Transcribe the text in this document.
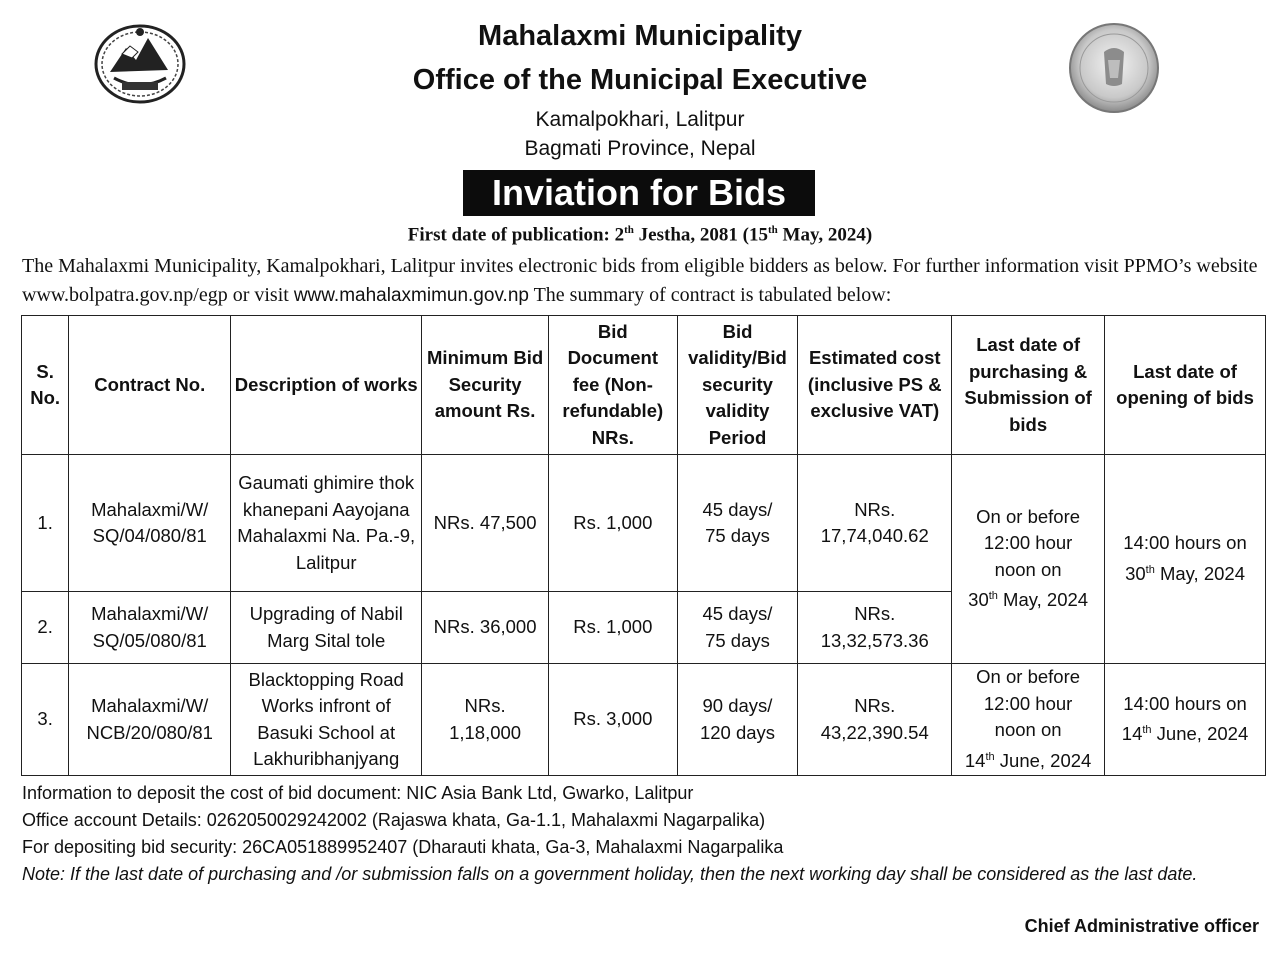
Mahalaxmi Municipality
Office of the Municipal Executive
Kamalpokhari, Lalitpur
Bagmati Province, Nepal
Inviation for Bids
First date of publication: 2th Jestha, 2081 (15th May, 2024)
The Mahalaxmi Municipality, Kamalpokhari, Lalitpur invites electronic bids from eligible bidders as below. For further information visit PPMO’s website www.bolpatra.gov.np/egp or visit www.mahalaxmimun.gov.np The summary of contract is tabulated below:
S. No.	Contract No.	Description of works	Minimum Bid Security amount Rs.	Bid Document fee (Non-refundable) NRs.	Bid validity/Bid security validity Period	Estimated cost (inclusive PS & exclusive VAT)	Last date of purchasing & Submission of bids	Last date of opening of bids
1.	Mahalaxmi/W/
SQ/04/080/81	Gaumati ghimire thok khanepani Aayojana Mahalaxmi Na. Pa.-9, Lalitpur	NRs. 47,500	Rs. 1,000	45 days/
75 days	NRs.
17,74,040.62	On or before
12:00 hour
noon on
30th May, 2024	14:00 hours on
30th May, 2024
2.	Mahalaxmi/W/
SQ/05/080/81	Upgrading of Nabil Marg Sital tole	NRs. 36,000	Rs. 1,000	45 days/
75 days	NRs.
13,32,573.36		
3.	Mahalaxmi/W/
NCB/20/080/81	Blacktopping Road Works infront of Basuki School at Lakhuribhanjyang	NRs.
1,18,000	Rs. 3,000	90 days/
120 days	NRs.
43,22,390.54	On or before
12:00 hour
noon on
14th June, 2024	14:00 hours on
14th June, 2024
Information to deposit the cost of bid document: NIC Asia Bank Ltd, Gwarko, Lalitpur
Office account Details: 0262050029242002 (Rajaswa khata, Ga-1.1, Mahalaxmi Nagarpalika)
For depositing bid security: 26CA051889952407 (Dharauti khata, Ga-3, Mahalaxmi Nagarpalika
Note: If the last date of purchasing and /or submission falls on a government holiday, then the next working day shall be considered as the last date.
Chief Administrative officer
